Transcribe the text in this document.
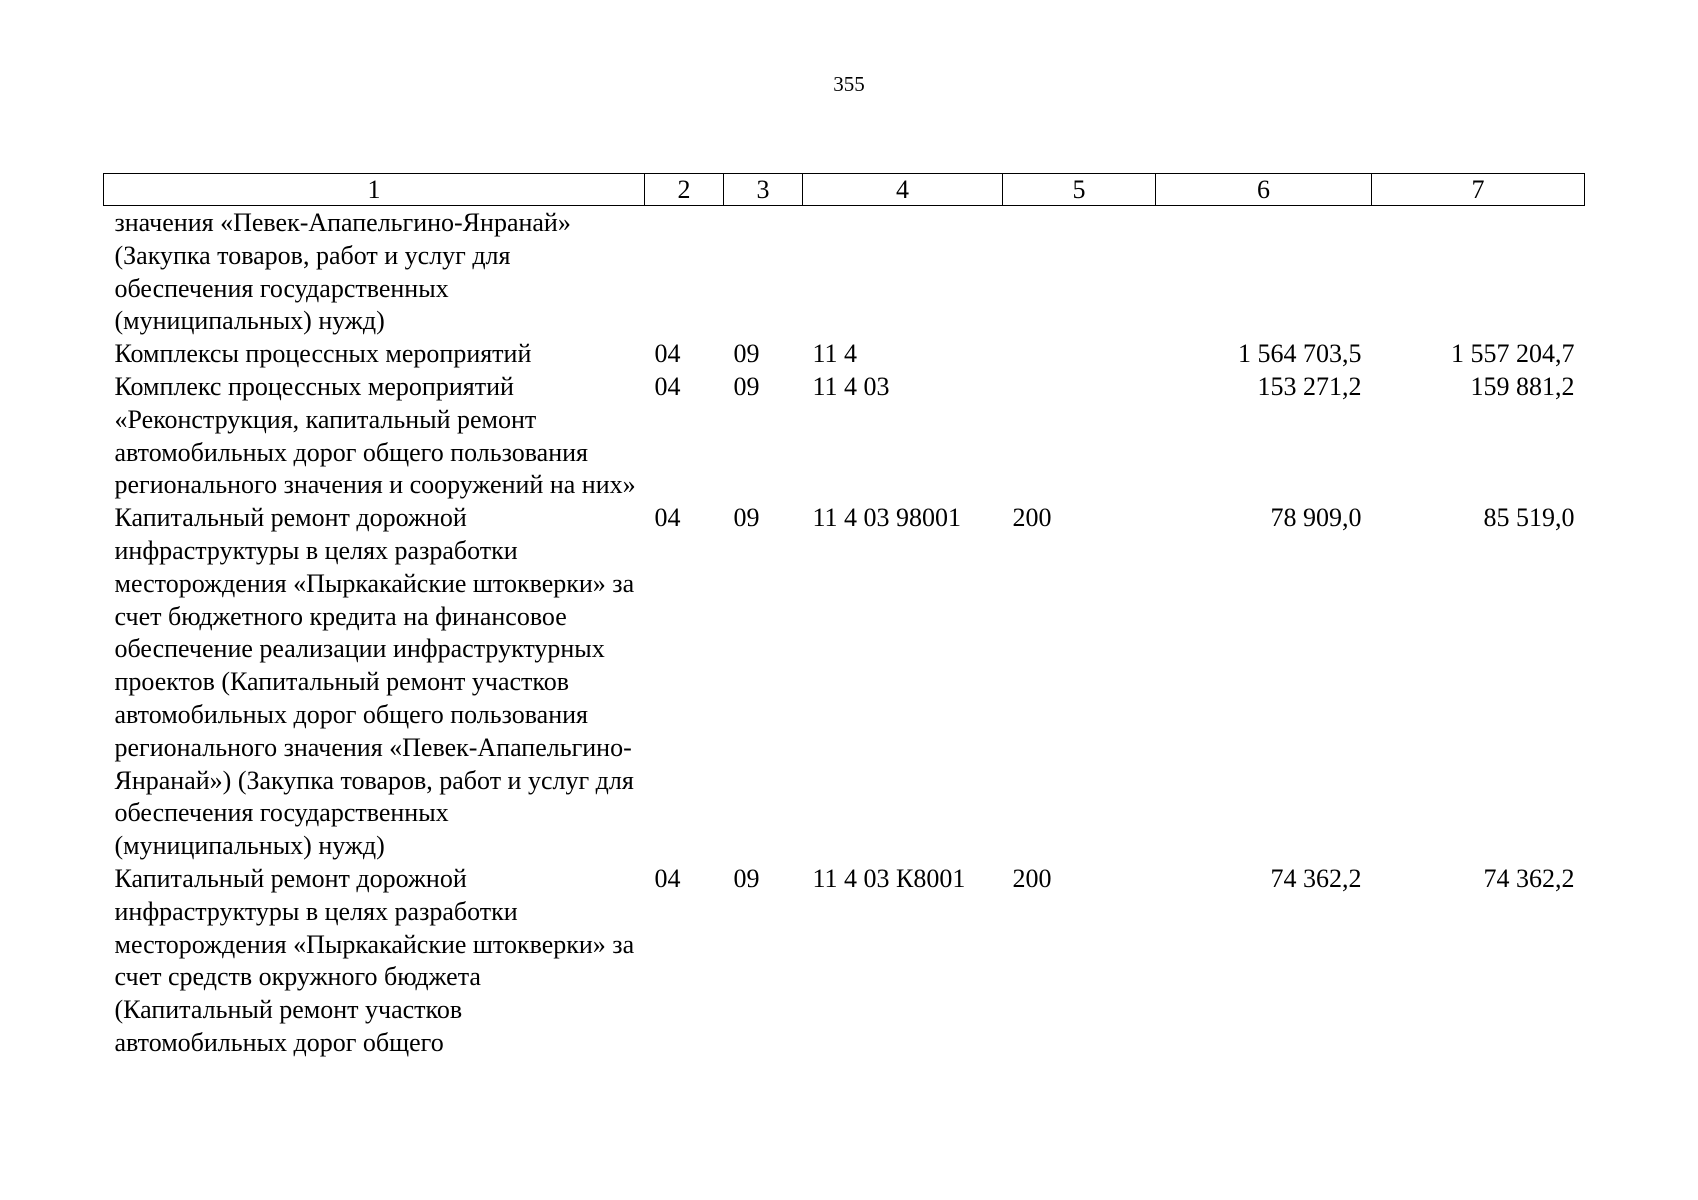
355
1	2	3	4	5	6	7
значения «Певек-Апапельгино-Янранай» (Закупка товаров, работ и услуг для обеспечения государственных (муниципальных) нужд)						
Комплексы процессных мероприятий	04	09	11 4		1 564 703,5	1 557 204,7
Комплекс процессных мероприятий «Реконструкция, капитальный ремонт автомобильных дорог общего пользования регионального значения и сооружений на них»	04	09	11 4 03		153 271,2	159 881,2
Капитальный ремонт дорожной инфраструктуры в целях разработки месторождения «Пыркакайские штокверки» за счет бюджетного кредита на финансовое обеспечение реализации инфраструктурных проектов (Капитальный ремонт участков автомобильных дорог общего пользования регионального значения «Певек-Апапельгино-Янранай») (Закупка товаров, работ и услуг для обеспечения государственных (муниципальных) нужд)	04	09	11 4 03 98001	200	78 909,0	85 519,0
Капитальный ремонт дорожной инфраструктуры в целях разработки месторождения «Пыркакайские штокверки» за счет средств окружного бюджета (Капитальный ремонт участков автомобильных дорог общего	04	09	11 4 03 К8001	200	74 362,2	74 362,2
